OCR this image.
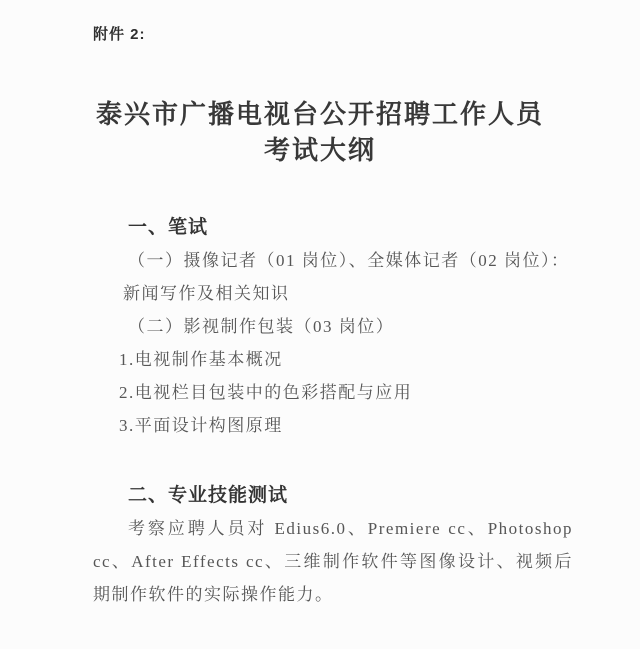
附件 2:

泰兴市广播电视台公开招聘工作人员
考试大纲
一、笔试

（一）摄像记者（01 岗位）、全媒体记者（02 岗位）：

新闻写作及相关知识

（二）影视制作包装（03 岗位）

1.电视制作基本概况

2.电视栏目包装中的色彩搭配与应用

3.平面设计构图原理

二、专业技能测试

考察应聘人员对 Edius6.0、Premiere cc、Photoshop cc、After Effects cc、三维制作软件等图像设计、视频后期制作软件的实际操作能力。
